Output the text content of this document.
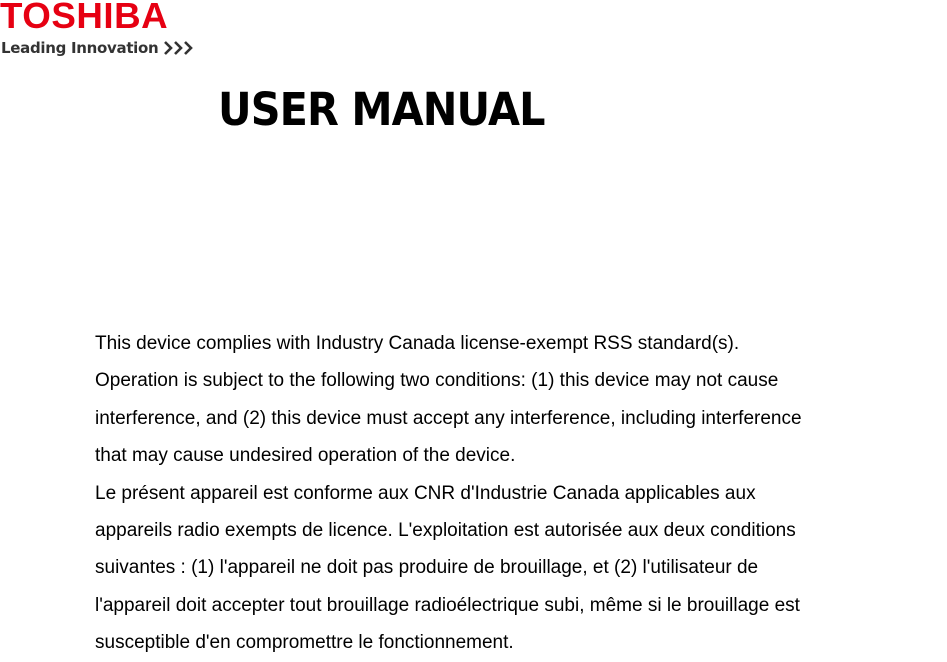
TOSHIBA
Leading Innovation
USER MANUAL
This device complies with Industry Canada license-exempt RSS standard(s).
Operation is subject to the following two conditions: (1) this device may not cause
interference, and (2) this device must accept any interference, including interference
that may cause undesired operation of the device.
Le présent appareil est conforme aux CNR d'Industrie Canada applicables aux
appareils radio exempts de licence. L'exploitation est autorisée aux deux conditions
suivantes : (1) l'appareil ne doit pas produire de brouillage, et (2) l'utilisateur de
l'appareil doit accepter tout brouillage radioélectrique subi, même si le brouillage est
susceptible d'en compromettre le fonctionnement.
